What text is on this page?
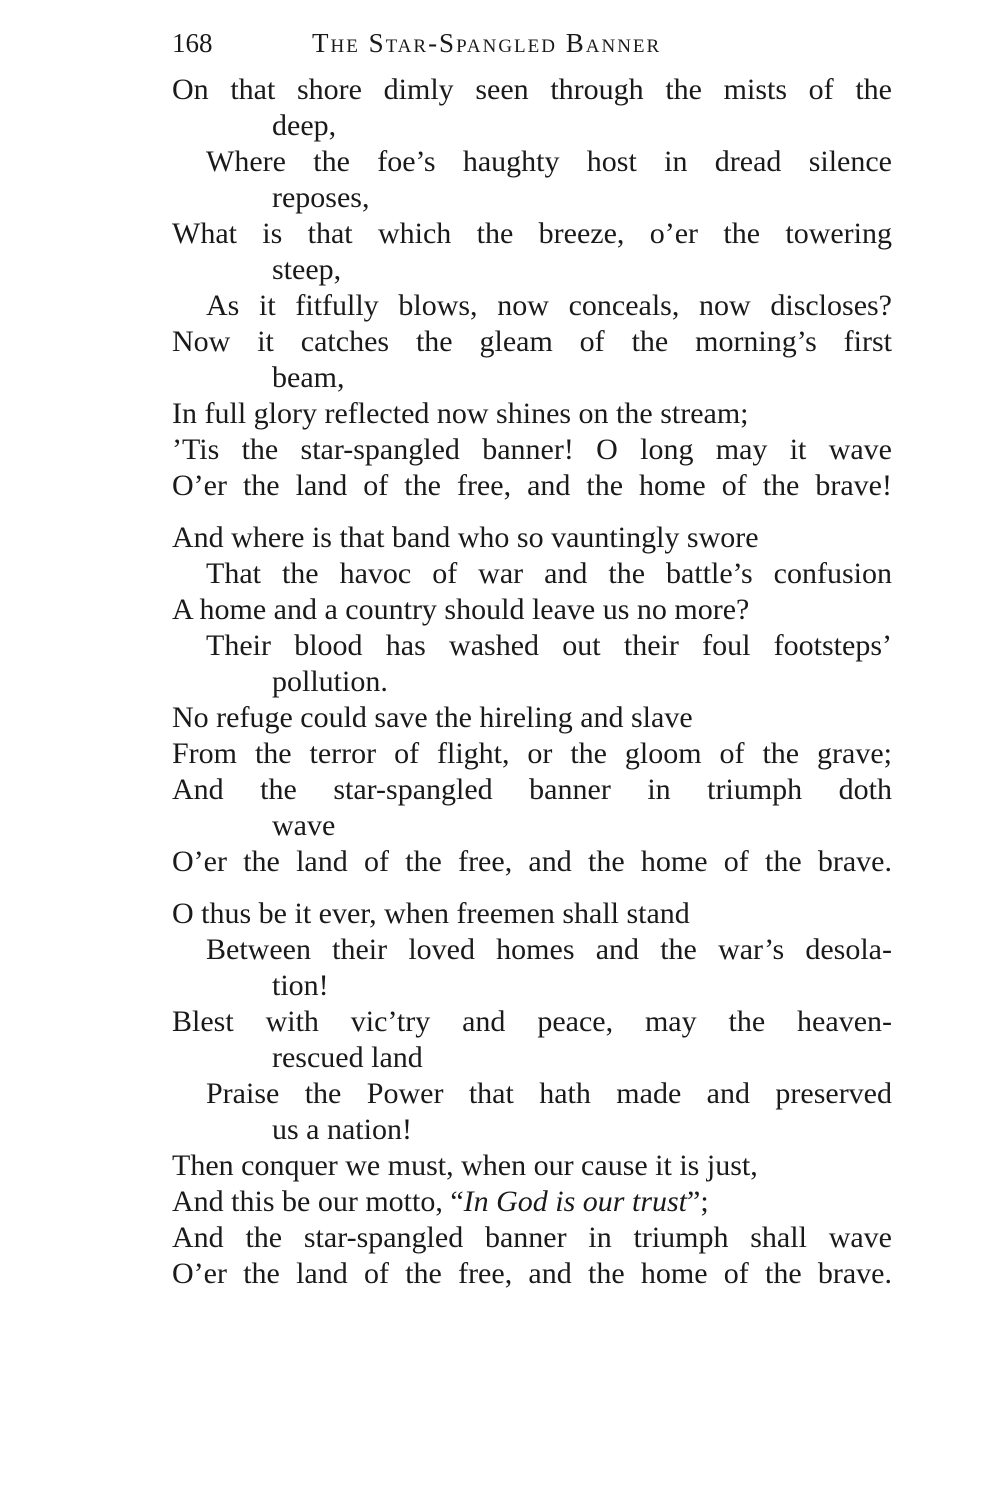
168	The Star-Spangled Banner
On that shore dimly seen through the mists of the
deep,
Where the foe’s haughty host in dread silence
reposes,
What is that which the breeze, o’er the towering
steep,
As it fitfully blows, now conceals, now discloses?
Now it catches the gleam of the morning’s first
beam,
In full glory reflected now shines on the stream;
’Tis the star-spangled banner! O long may it wave
O’er the land of the free, and the home of the brave!
And where is that band who so vauntingly swore
That the havoc of war and the battle’s confusion
A home and a country should leave us no more?
Their blood has washed out their foul footsteps’
pollution.
No refuge could save the hireling and slave
From the terror of flight, or the gloom of the grave;
And the star-spangled banner in triumph doth
wave
O’er the land of the free, and the home of the brave.
O thus be it ever, when freemen shall stand
Between their loved homes and the war’s desola-
tion!
Blest with vic’try and peace, may the heaven-
rescued land
Praise the Power that hath made and preserved
us a nation!
Then conquer we must, when our cause it is just,
And this be our motto, “In God is our trust”;
And the star-spangled banner in triumph shall wave
O’er the land of the free, and the home of the brave.
